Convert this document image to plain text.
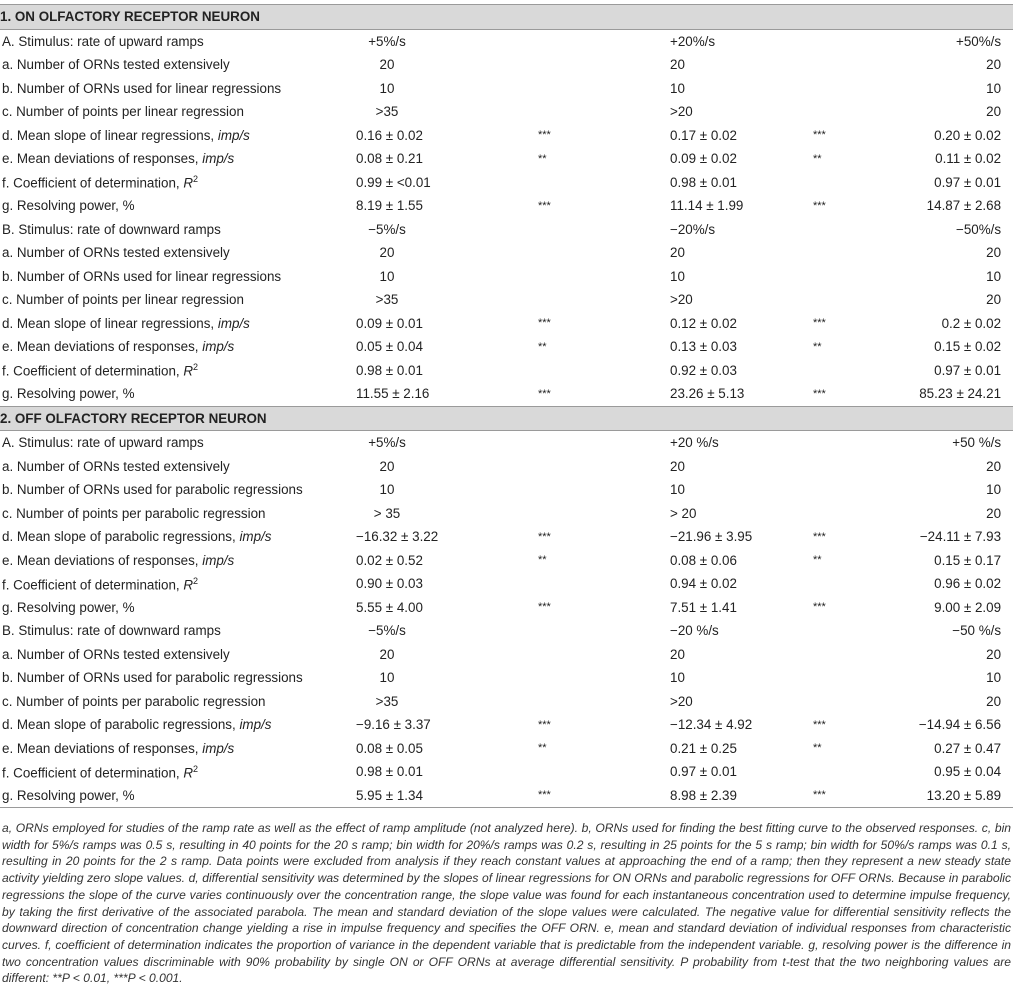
1. ON OLFACTORY RECEPTOR NEURON					
A. Stimulus: rate of upward ramps	+5%/s		+20%/s		+50%/s
a. Number of ORNs tested extensively	20		20		20
b. Number of ORNs used for linear regressions	10		10		10
c. Number of points per linear regression	>35		>20		20
d. Mean slope of linear regressions, imp/s	0.16 ± 0.02	***	0.17 ± 0.02	***	0.20 ± 0.02
e. Mean deviations of responses, imp/s	0.08 ± 0.21	**	0.09 ± 0.02	**	0.11 ± 0.02
f. Coefficient of determination, $R^2$	0.99 ± <0.01		0.98 ± 0.01		0.97 ± 0.01
g. Resolving power, %	8.19 ± 1.55	***	11.14 ± 1.99	***	14.87 ± 2.68
B. Stimulus: rate of downward ramps	−5%/s		−20%/s		−50%/s
a. Number of ORNs tested extensively	20		20		20
b. Number of ORNs used for linear regressions	10		10		10
c. Number of points per linear regression	>35		>20		20
d. Mean slope of linear regressions, imp/s	0.09 ± 0.01	***	0.12 ± 0.02	***	0.2 ± 0.02
e. Mean deviations of responses, imp/s	0.05 ± 0.04	**	0.13 ± 0.03	**	0.15 ± 0.02
f. Coefficient of determination, $R^2$	0.98 ± 0.01		0.92 ± 0.03		0.97 ± 0.01
g. Resolving power, %	11.55 ± 2.16	***	23.26 ± 5.13	***	85.23 ± 24.21
2. OFF OLFACTORY RECEPTOR NEURON					
A. Stimulus: rate of upward ramps	+5%/s		+20 %/s		+50 %/s
a. Number of ORNs tested extensively	20		20		20
b. Number of ORNs used for parabolic regressions	10		10		10
c. Number of points per parabolic regression	> 35		> 20		20
d. Mean slope of parabolic regressions, imp/s	−16.32 ± 3.22	***	−21.96 ± 3.95	***	−24.11 ± 7.93
e. Mean deviations of responses, imp/s	0.02 ± 0.52	**	0.08 ± 0.06	**	0.15 ± 0.17
f. Coefficient of determination, $R^2$	0.90 ± 0.03		0.94 ± 0.02		0.96 ± 0.02
g. Resolving power, %	5.55 ± 4.00	***	7.51 ± 1.41	***	9.00 ± 2.09
B. Stimulus: rate of downward ramps	−5%/s		−20 %/s		−50 %/s
a. Number of ORNs tested extensively	20		20		20
b. Number of ORNs used for parabolic regressions	10		10		10
c. Number of points per parabolic regression	>35		>20		20
d. Mean slope of parabolic regressions, imp/s	−9.16 ± 3.37	***	−12.34 ± 4.92	***	−14.94 ± 6.56
e. Mean deviations of responses, imp/s	0.08 ± 0.05	**	0.21 ± 0.25	**	0.27 ± 0.47
f. Coefficient of determination, $R^2$	0.98 ± 0.01		0.97 ± 0.01		0.95 ± 0.04
g. Resolving power, %	5.95 ± 1.34	***	8.98 ± 2.39	***	13.20 ± 5.89

a, ORNs employed for studies of the ramp rate as well as the effect of ramp amplitude (not analyzed here). b, ORNs used for finding the best fitting curve to the observed responses. c, bin width for 5%/s ramps was 0.5 s, resulting in 40 points for the 20 s ramp; bin width for 20%/s ramps was 0.2 s, resulting in 25 points for the 5 s ramp; bin width for 50%/s ramps was 0.1 s, resulting in 20 points for the 2 s ramp. Data points were excluded from analysis if they reach constant values at approaching the end of a ramp; then they represent a new steady state activity yielding zero slope values. d, differential sensitivity was determined by the slopes of linear regressions for ON ORNs and parabolic regressions for OFF ORNs. Because in parabolic regressions the slope of the curve varies continuously over the concentration range, the slope value was found for each instantaneous concentration used to determine impulse frequency, by taking the first derivative of the associated parabola. The mean and standard deviation of the slope values were calculated. The negative value for differential sensitivity reflects the downward direction of concentration change yielding a rise in impulse frequency and specifies the OFF ORN. e, mean and standard deviation of individual responses from characteristic curves. f, coefficient of determination indicates the proportion of variance in the dependent variable that is predictable from the independent variable. g, resolving power is the difference in two concentration values discriminable with 90% probability by single ON or OFF ORNs at average differential sensitivity. P probability from t-test that the two neighboring values are different: **P < 0.01, ***P < 0.001.
